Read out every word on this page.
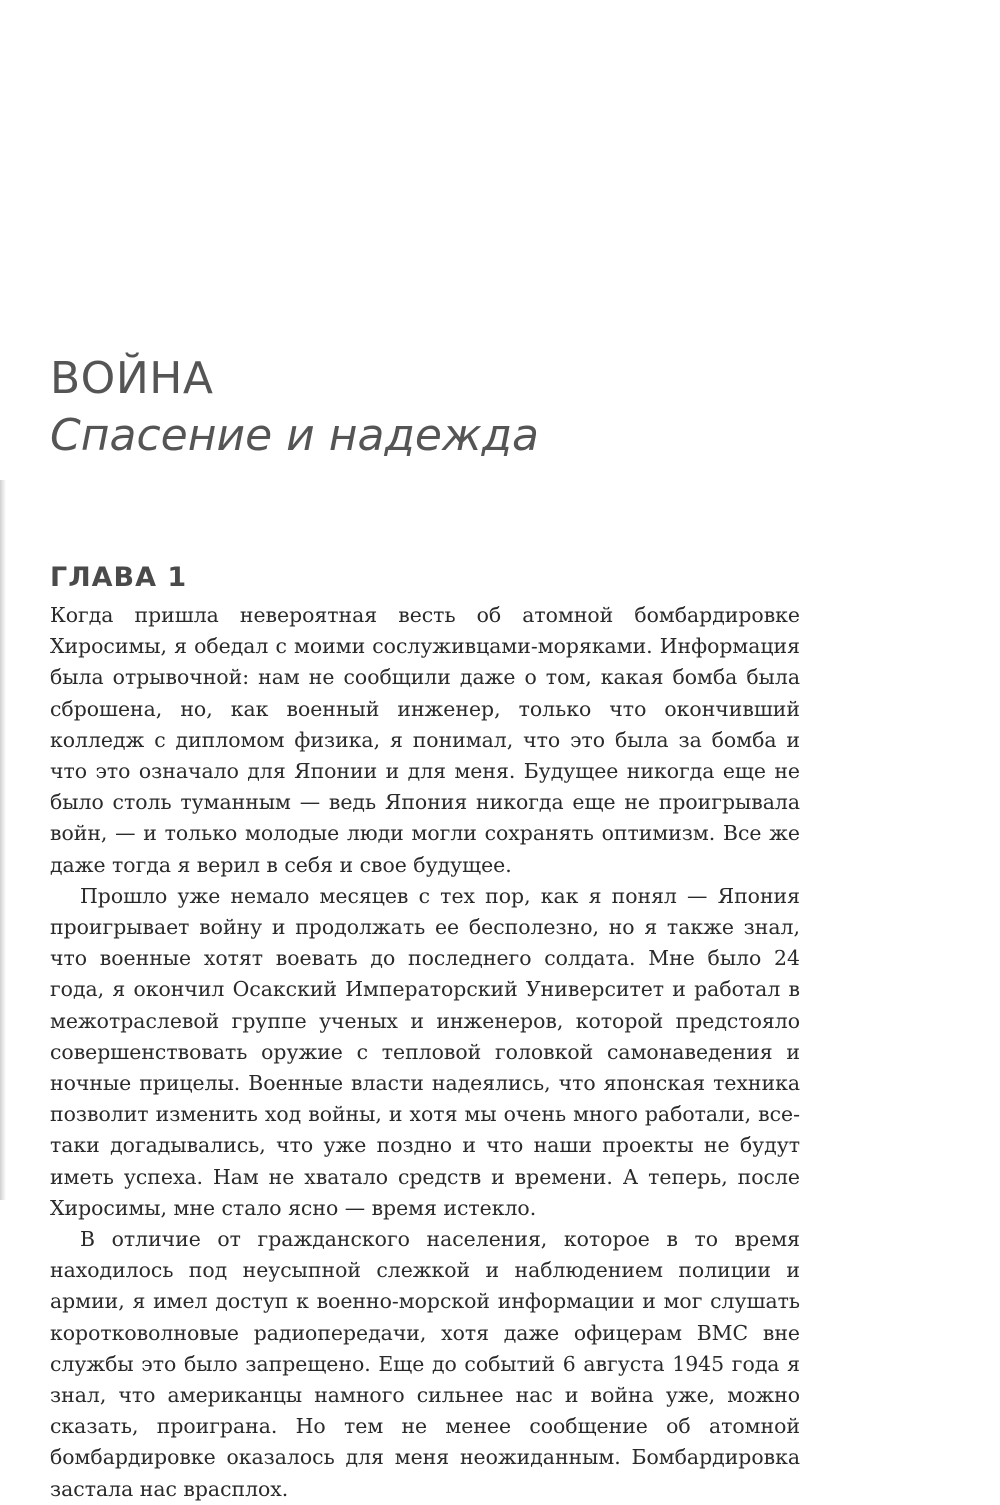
ВОЙНА
Спасение и надежда
ГЛАВА 1

Когда пришла невероятная весть об атомной бомбардировке Хиросимы, я обедал с моими сослуживцами-моряками. Информация была отрывочной: нам не сообщили даже о том, какая бомба была сброшена, но, как военный инженер, только что окончивший колледж с дипломом физика, я понимал, что это была за бомба и что это означало для Японии и для меня. Будущее никогда еще не было столь туманным — ведь Япония никогда еще не проигрывала войн, — и только молодые люди могли сохранять оптимизм. Все же даже тогда я верил в себя и свое будущее.

Прошло уже немало месяцев с тех пор, как я понял — Япония проигрывает войну и продолжать ее бесполезно, но я также знал, что военные хотят воевать до последнего солдата. Мне было 24 года, я окончил Осакский Императорский Университет и работал в межотраслевой группе ученых и инженеров, которой предстояло совершенствовать оружие с тепловой головкой самонаведения и ночные прицелы. Военные власти надеялись, что японская техника позволит изменить ход войны, и хотя мы очень много работали, все-таки догадывались, что уже поздно и что наши проекты не будут иметь успеха. Нам не хватало средств и времени. А теперь, после Хиросимы, мне стало ясно — время истекло.

В отличие от гражданского населения, которое в то время находилось под неусыпной слежкой и наблюдением полиции и армии, я имел доступ к военно-морской информации и мог слушать коротковолновые радиопередачи, хотя даже офицерам ВМС вне службы это было запрещено. Еще до событий 6 августа 1945 года я знал, что американцы намного сильнее нас и война уже, можно сказать, проиграна. Но тем не менее сообщение об атомной бомбардировке оказалось для меня неожиданным. Бомбардировка застала нас врасплох.
